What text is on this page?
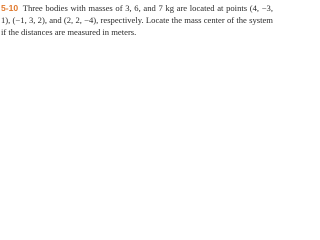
5-10 Three bodies with masses of 3, 6, and 7 kg are located at points (4, −3, 1), (−1, 3, 2), and (2, 2, −4), respectively. Locate the mass center of the system if the distances are measured in meters.
